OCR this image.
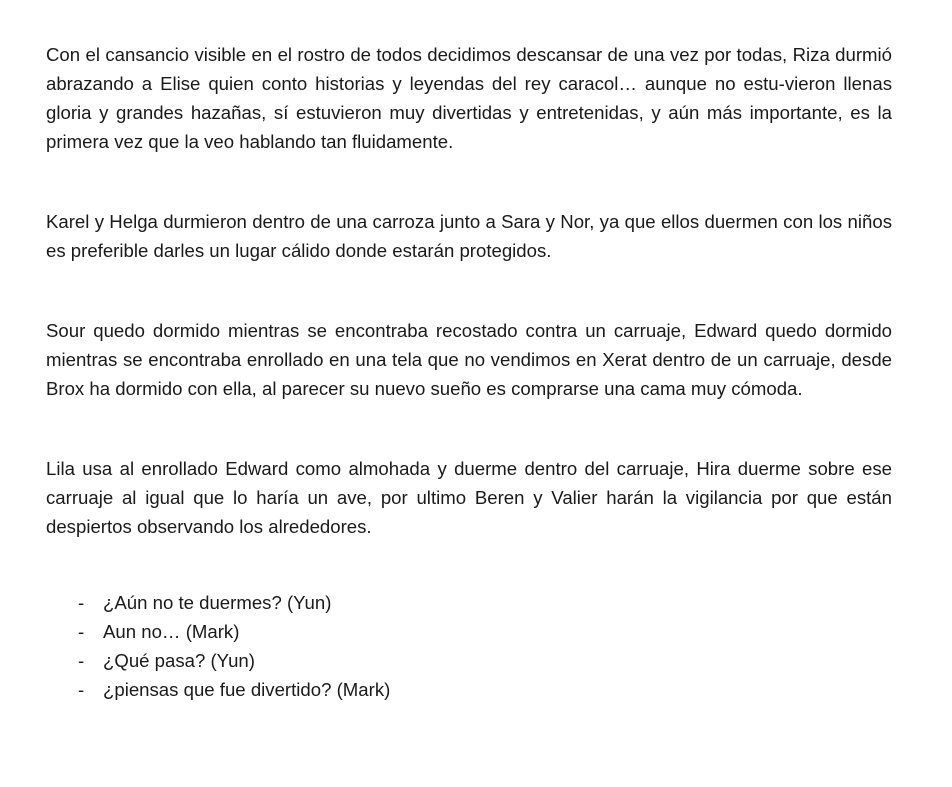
Con el cansancio visible en el rostro de todos decidimos descansar de una vez por todas, Riza durmió abrazando a Elise quien conto historias y leyendas del rey caracol… aunque no estu-vieron llenas gloria y grandes hazañas, sí estuvieron muy divertidas y entretenidas, y aún más importante, es la primera vez que la veo hablando tan fluidamente.

Karel y Helga durmieron dentro de una carroza junto a Sara y Nor, ya que ellos duermen con los niños es preferible darles un lugar cálido donde estarán protegidos.

Sour quedo dormido mientras se encontraba recostado contra un carruaje, Edward quedo dormido mientras se encontraba enrollado en una tela que no vendimos en Xerat dentro de un carruaje, desde Brox ha dormido con ella, al parecer su nuevo sueño es comprarse una cama muy cómoda.

Lila usa al enrollado Edward como almohada y duerme dentro del carruaje, Hira duerme sobre ese carruaje al igual que lo haría un ave, por ultimo Beren y Valier harán la vigilancia por que están despiertos observando los alrededores.

- ¿Aún no te duermes? (Yun)
- Aun no… (Mark)
- ¿Qué pasa? (Yun)
- ¿piensas que fue divertido? (Mark)
